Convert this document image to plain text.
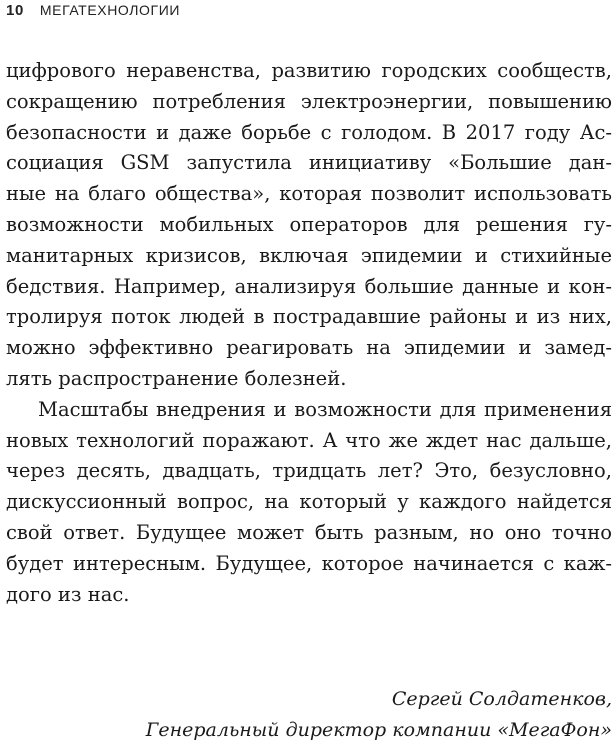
10 МЕГАТЕХНОЛОГИИ

цифрового неравенства, развитию городских сообществ,
сокращению потребления электроэнергии, повышению
безопасности и даже борьбе с голодом. В 2017 году Ас-
социация GSM запустила инициативу «Большие дан-
ные на благо общества», которая позволит использовать
возможности мобильных операторов для решения гу-
манитарных кризисов, включая эпидемии и стихийные
бедствия. Например, анализируя большие данные и кон-
тролируя поток людей в пострадавшие районы и из них,
можно эффективно реагировать на эпидемии и замед-
лять распространение болезней.

Масштабы внедрения и возможности для применения
новых технологий поражают. А что же ждет нас дальше,
через десять, двадцать, тридцать лет? Это, безусловно,
дискуссионный вопрос, на который у каждого найдется
свой ответ. Будущее может быть разным, но оно точно
будет интересным. Будущее, которое начинается с каж-
дого из нас.

Сергей Солдатенков,
Генеральный директор компании «МегаФон»
